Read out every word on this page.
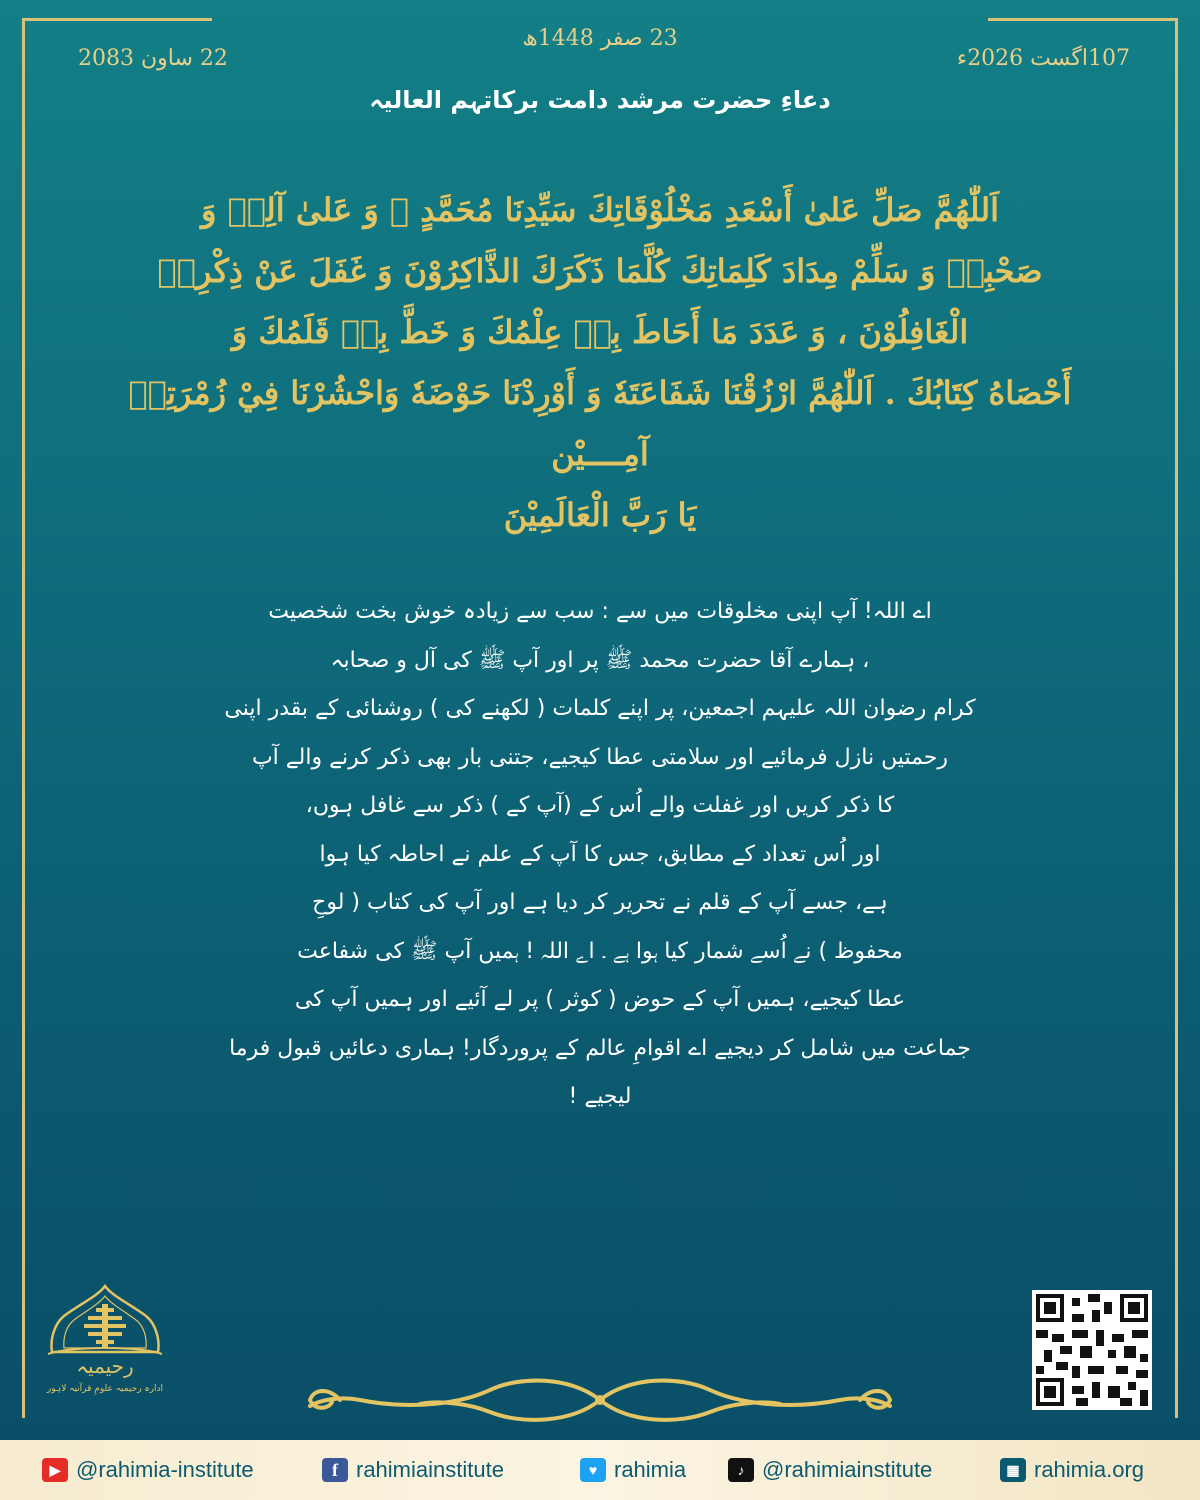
23 صفر 1448ھ
22 ساون 2083	107اگست 2026ء
دعاءِ حضرت مرشد دامت برکاتہم العالیہ
اَللّٰهُمَّ صَلِّ عَلىٰ أَسْعَدِ مَخْلُوْقَاتِكَ سَيِّدِنَا مُحَمَّدٍ ﷺ وَ عَلىٰ آلِهٖ وَ
صَحْبِهٖ وَ سَلِّمْ مِدَادَ كَلِمَاتِكَ كُلَّمَا ذَكَرَكَ الذَّاكِرُوْنَ وَ غَفَلَ عَنْ ذِكْرِهٖ
الْغَافِلُوْنَ ، وَ عَدَدَ مَا أَحَاطَ بِهٖ عِلْمُكَ وَ خَطَّ بِهٖ قَلَمُكَ وَ
أَحْصَاهُ كِتَابُكَ . اَللّٰهُمَّ ارْزُقْنَا شَفَاعَتَهٗ وَ أَوْرِدْنَا حَوْضَهٗ وَاحْشُرْنَا فِيْ زُمْرَتِهٖ آمِــــيْن
يَا رَبَّ الْعَالَمِيْنَ
اے اللہ! آپ اپنی مخلوقات میں سے : سب سے زیادہ خوش بخت شخصیت
، ہمارے آقا حضرت محمد ﷺ پر اور آپ ﷺ کی آل و صحابہ
کرام رضوان اللہ علیہم اجمعین، پر اپنے کلمات ( لکھنے کی ) روشنائی کے بقدر اپنی
رحمتیں نازل فرمائیے اور سلامتی عطا کیجیے، جتنی بار بھی ذکر کرنے والے آپ
کا ذکر کریں اور غفلت والے اُس کے (آپ کے ) ذکر سے غافل ہوں،
اور اُس تعداد کے مطابق، جس کا آپ کے علم نے احاطہ کیا ہوا
ہے، جسے آپ کے قلم نے تحریر کر دیا ہے اور آپ کی کتاب ( لوحِ
محفوظ ) نے اُسے شمار کیا ہوا ہے ۔ اے اللہ ! ہمیں آپ ﷺ کی شفاعت
عطا کیجیے، ہمیں آپ کے حوض ( کوثر ) پر لے آئیے اور ہمیں آپ کی
جماعت میں شامل کر دیجیے اے اقوامِ عالم کے پروردگار! ہماری دعائیں قبول فرما
لیجیے !
رحیمیہ
ادارہ رحیمیہ علومِ قرآنیہ لاہور
▶ @rahimia-institute	f rahimiainstitute	♥ rahimia	♪ @rahimiainstitute	▦ rahimia.org
